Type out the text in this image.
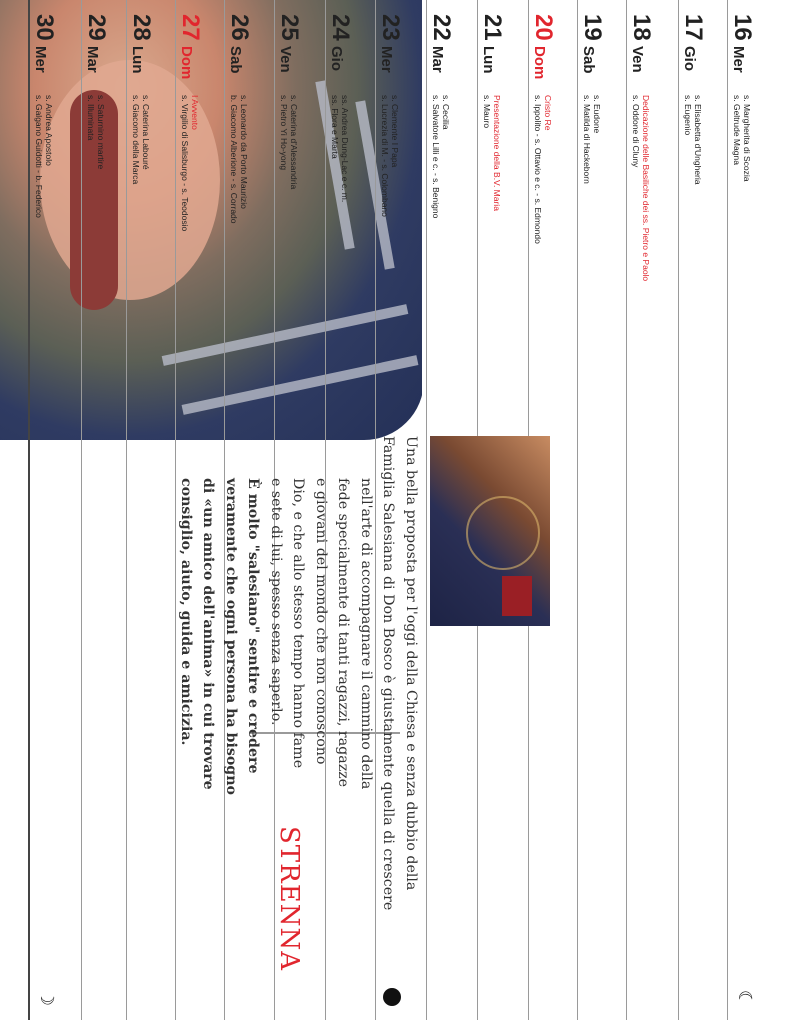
16
Mer
s. Margherita di Scozia
s. Geltrude Magna
☾
17
Gio
s. Elisabetta d'Ungheria
s. Eugenio
18
Ven
Dedicazione delle Basiliche dei ss. Pietro e Paolo
s. Oddone di Cluny
19
Sab
s. Eudone
s. Matilda di Hackeborn
20
Dom
Cristo Re
s. Ippolito - s. Ottavio e c. - s. Edmondo
21
Lun
Presentazione della B.V. Maria
s. Mauro
22
Mar
s. Cecilia
s. Salvatore Lilli e c. - s. Benigno
23
Mer
s. Clemente I Papa
s. Lucrezia di M. - s. Colombano
24
Gio
ss. Andrea Dung-Lac e c. m.
ss. Flora e Marta
25
Ven
s. Caterina d'Alessandria
s. Pietro Yi Ho-yong
26
Sab
s. Leonardo da Porto Maurizio
b. Giacomo Alberione - s. Corrado
27
Dom
I Avvento
s. Virgilio di Salisburgo - s. Teodosio
28
Lun
s. Caterina Labouré
s. Giacomo della Marca
29
Mar
s. Saturnino martire
s. Illuminata
30
Mer
s. Andrea Apostolo
s. Galgano Guidotti - b. Federico
☽
Una bella proposta per l'oggi della Chiesa e senza dubbio della
Famiglia Salesiana di Don Bosco è giustamente quella di crescere
nell'arte di accompagnare il cammino della
fede specialmente di tanti ragazzi, ragazze
e giovani del mondo che non conoscono
Dio, e che allo stesso tempo hanno fame
e sete di lui, spesso senza saperlo.
È molto "salesiano" sentire e credere
veramente che ogni persona ha bisogno
di «un amico dell'anima» in cui trovare
consiglio, aiuto, guida e amicizia.
STRENNA
